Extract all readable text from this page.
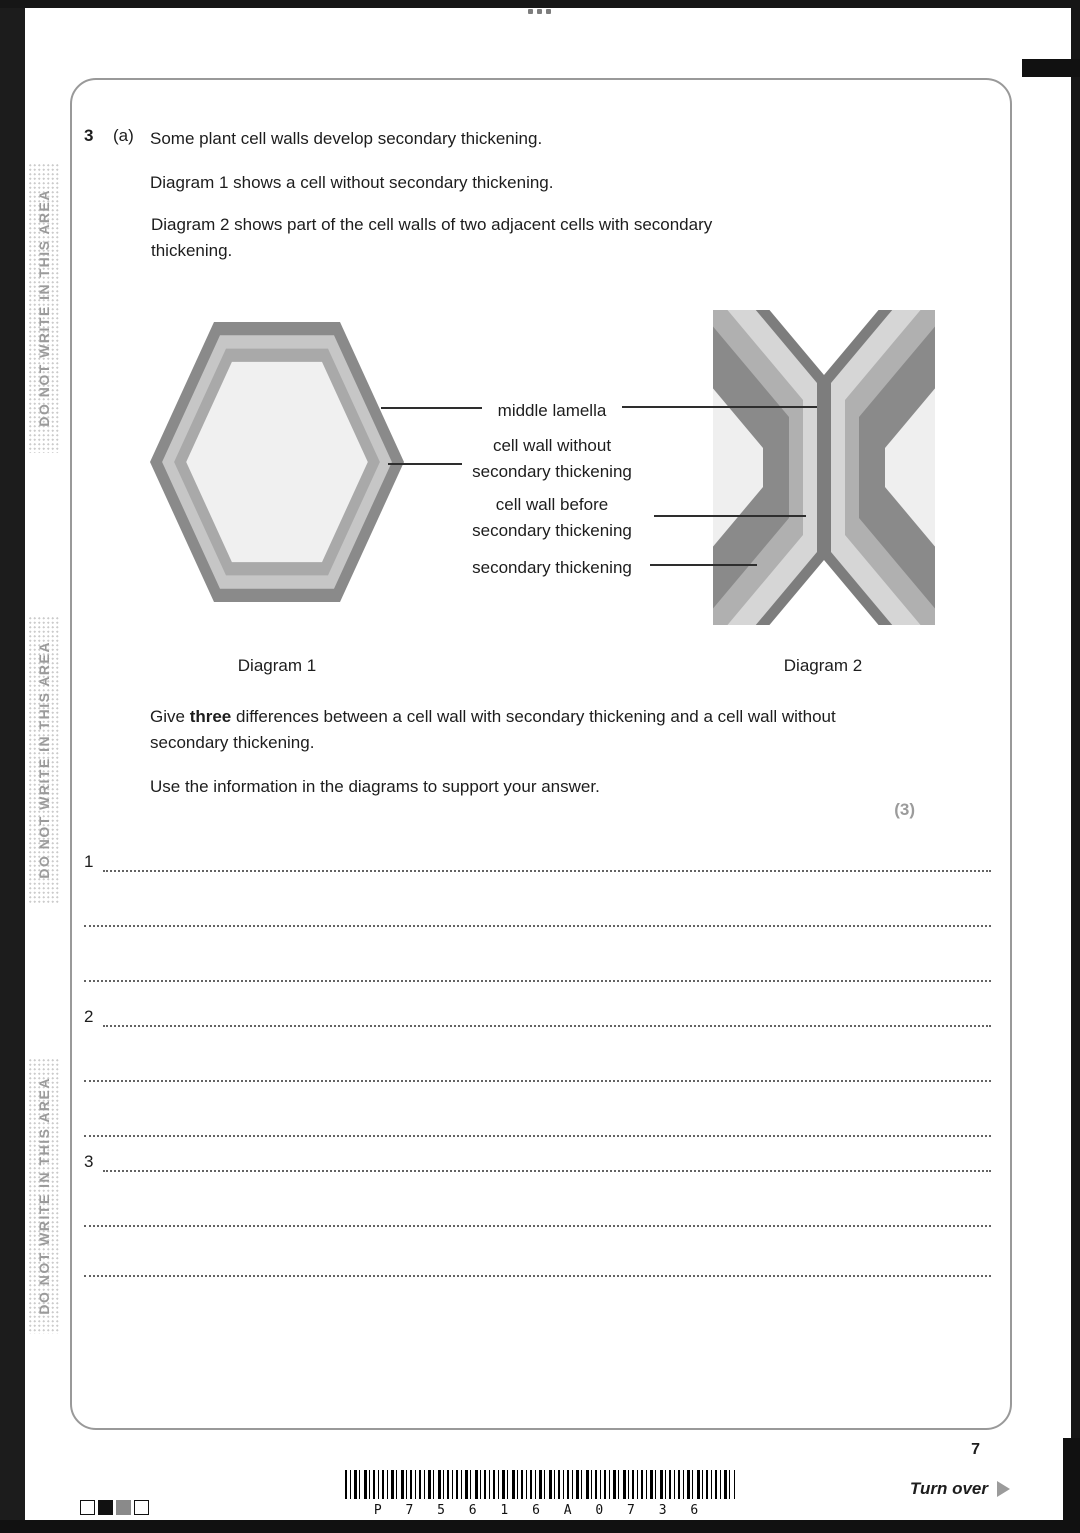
DO NOT WRITE IN THIS AREA
DO NOT WRITE IN THIS AREA
DO NOT WRITE IN THIS AREA
3 (a) Some plant cell walls develop secondary thickening.
Diagram 1 shows a cell without secondary thickening.
Diagram 2 shows part of the cell walls of two adjacent cells with secondary thickening.
middle lamella
cell wall without
secondary thickening
cell wall before
secondary thickening
secondary thickening
Diagram 1	Diagram 2
Give three differences between a cell wall with secondary thickening and a cell wall without secondary thickening.
Use the information in the diagrams to support your answer.
(3)
1
2
3
7
P 7 5 6 1 6 A 0 7 3 6
Turn over
